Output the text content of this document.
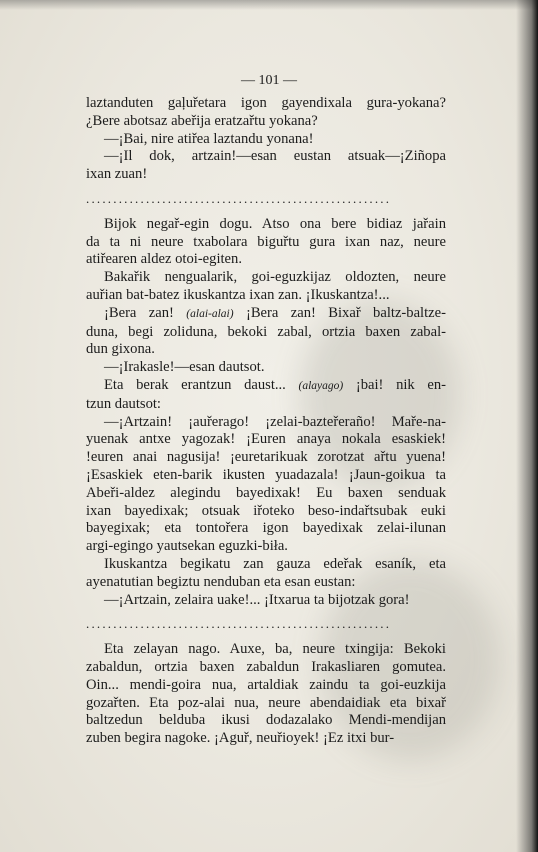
— 101 —
laztanduten gaļuřetara igon gayendixala gura-yokana?
¿Bere abotsaz abeřija eratzařtu yokana?
—¡Bai, nire atiřea laztandu yonana!
—¡Il dok, artzain!—esan eustan atsuak—¡Ziñopa
ixan zuan!
........................................................
Bijok negař-egin dogu. Atso ona bere bidiaz jařain
da ta ni neure txabolara biguřtu gura ixan naz, neure
atiřearen aldez otoi-egiten.
Bakařik nengualarik, goi-eguzkijaz oldozten, neure
auřian bat-batez ikuskantza ixan zan. ¡Ikuskantza!...
¡Bera zan! (alai-alai) ¡Bera zan! Bixař baltz-baltze-
duna, begi zoliduna, bekoki zabal, ortzia baxen zabal-
dun gixona.
—¡Irakasle!—esan dautsot.
Eta berak erantzun daust... (alayago) ¡bai! nik en-
tzun dautsot:
—¡Artzain! ¡auřerago! ¡zelai-bazteřeraño! Maře-na-
yuenak antxe yagozak! ¡Euren anaya nokala esaskiek!
!euren anai nagusija! ¡euretarikuak zorotzat ařtu yuena!
¡Esaskiek eten-barik ikusten yuadazala! ¡Jaun-goikua ta
Abeři-aldez alegindu bayedixak! Eu baxen senduak
ixan bayedixak; otsuak iřoteko beso-indařtsubak euki
bayegixak; eta tontořera igon bayedixak zelai-ilunan
argi-egingo yautsekan eguzki-biła.
Ikuskantza begikatu zan gauza edeřak esaník, eta
ayenatutian begiztu nenduban eta esan eustan:
—¡Artzain, zelaira uake!... ¡Itxarua ta bijotzak gora!
........................................................
Eta zelayan nago. Auxe, ba, neure txingija: Bekoki
zabaldun, ortzia baxen zabaldun Irakasliaren gomutea.
Oin... mendi-goira nua, artaldiak zaindu ta goi-euzkija
gozařten. Eta poz-alai nua, neure abendaidiak eta bixař
baltzedun belduba ikusi dodazalako Mendi-mendijan
zuben begira nagoke. ¡Aguř, neuřioyek! ¡Ez itxi bur-
